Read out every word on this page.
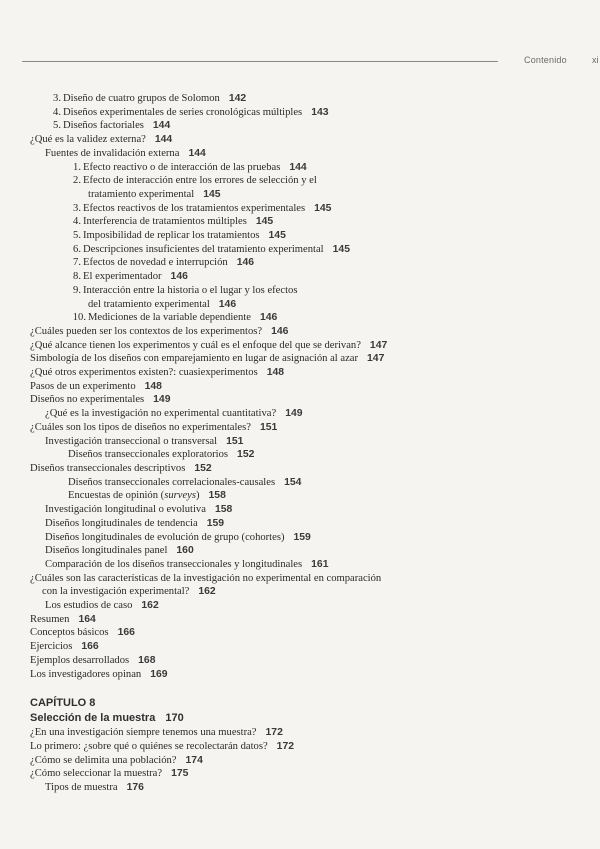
Contenido	xi
3. Diseño de cuatro grupos de Solomon 142
4. Diseños experimentales de series cronológicas múltiples 143
5. Diseños factoriales 144
¿Qué es la validez externa? 144
Fuentes de invalidación externa 144
1. Efecto reactivo o de interacción de las pruebas 144
2. Efecto de interacción entre los errores de selección y el
tratamiento experimental 145
3. Efectos reactivos de los tratamientos experimentales 145
4. Interferencia de tratamientos múltiples 145
5. Imposibilidad de replicar los tratamientos 145
6. Descripciones insuficientes del tratamiento experimental 145
7. Efectos de novedad e interrupción 146
8. El experimentador 146
9. Interacción entre la historia o el lugar y los efectos
del tratamiento experimental 146
10. Mediciones de la variable dependiente 146
¿Cuáles pueden ser los contextos de los experimentos? 146
¿Qué alcance tienen los experimentos y cuál es el enfoque del que se derivan? 147
Simbología de los diseños con emparejamiento en lugar de asignación al azar 147
¿Qué otros experimentos existen?: cuasiexperimentos 148
Pasos de un experimento 148
Diseños no experimentales 149
¿Qué es la investigación no experimental cuantitativa? 149
¿Cuáles son los tipos de diseños no experimentales? 151
Investigación transeccional o transversal 151
Diseños transeccionales exploratorios 152
Diseños transeccionales descriptivos 152
Diseños transeccionales correlacionales-causales 154
Encuestas de opinión (surveys) 158
Investigación longitudinal o evolutiva 158
Diseños longitudinales de tendencia 159
Diseños longitudinales de evolución de grupo (cohortes) 159
Diseños longitudinales panel 160
Comparación de los diseños transeccionales y longitudinales 161
¿Cuáles son las características de la investigación no experimental en comparación
con la investigación experimental? 162
Los estudios de caso 162
Resumen 164
Conceptos básicos 166
Ejercicios 166
Ejemplos desarrollados 168
Los investigadores opinan 169
CAPÍTULO 8
Selección de la muestra 170
¿En una investigación siempre tenemos una muestra? 172
Lo primero: ¿sobre qué o quiénes se recolectarán datos? 172
¿Cómo se delimita una población? 174
¿Cómo seleccionar la muestra? 175
Tipos de muestra 176
